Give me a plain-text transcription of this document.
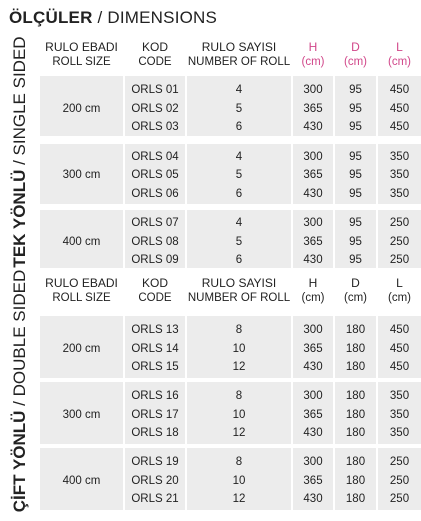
ÖLÇÜLER / DIMENSIONS
TEK YÖNLÜ / SINGLE SIDED	RULO EBADI
ROLL SIZE
200 cm
300 cm
400 cm
KOD
CODE
ORLS 01
ORLS 02
ORLS 03
ORLS 04
ORLS 05
ORLS 06
ORLS 07
ORLS 08
ORLS 09
RULO SAYISI
NUMBER OF ROLL
4
5
6
4
5
6
4
5
6
H
(cm)
300
365
430
300
365
430
300
365
430
D
(cm)
95
95
95
95
95
95
95
95
95
L
(cm)
450
450
450
350
350
350
250
250
250
ÇİFT YÖNLÜ / DOUBLE SIDED	RULO EBADI
ROLL SIZE
200 cm
300 cm
400 cm
KOD
CODE
ORLS 13
ORLS 14
ORLS 15
ORLS 16
ORLS 17
ORLS 18
ORLS 19
ORLS 20
ORLS 21
RULO SAYISI
NUMBER OF ROLL
8
10
12
8
10
12
8
10
12
H
(cm)
300
365
430
300
365
430
300
365
430
D
(cm)
180
180
180
180
180
180
180
180
180
L
(cm)
450
450
450
350
350
350
250
250
250
